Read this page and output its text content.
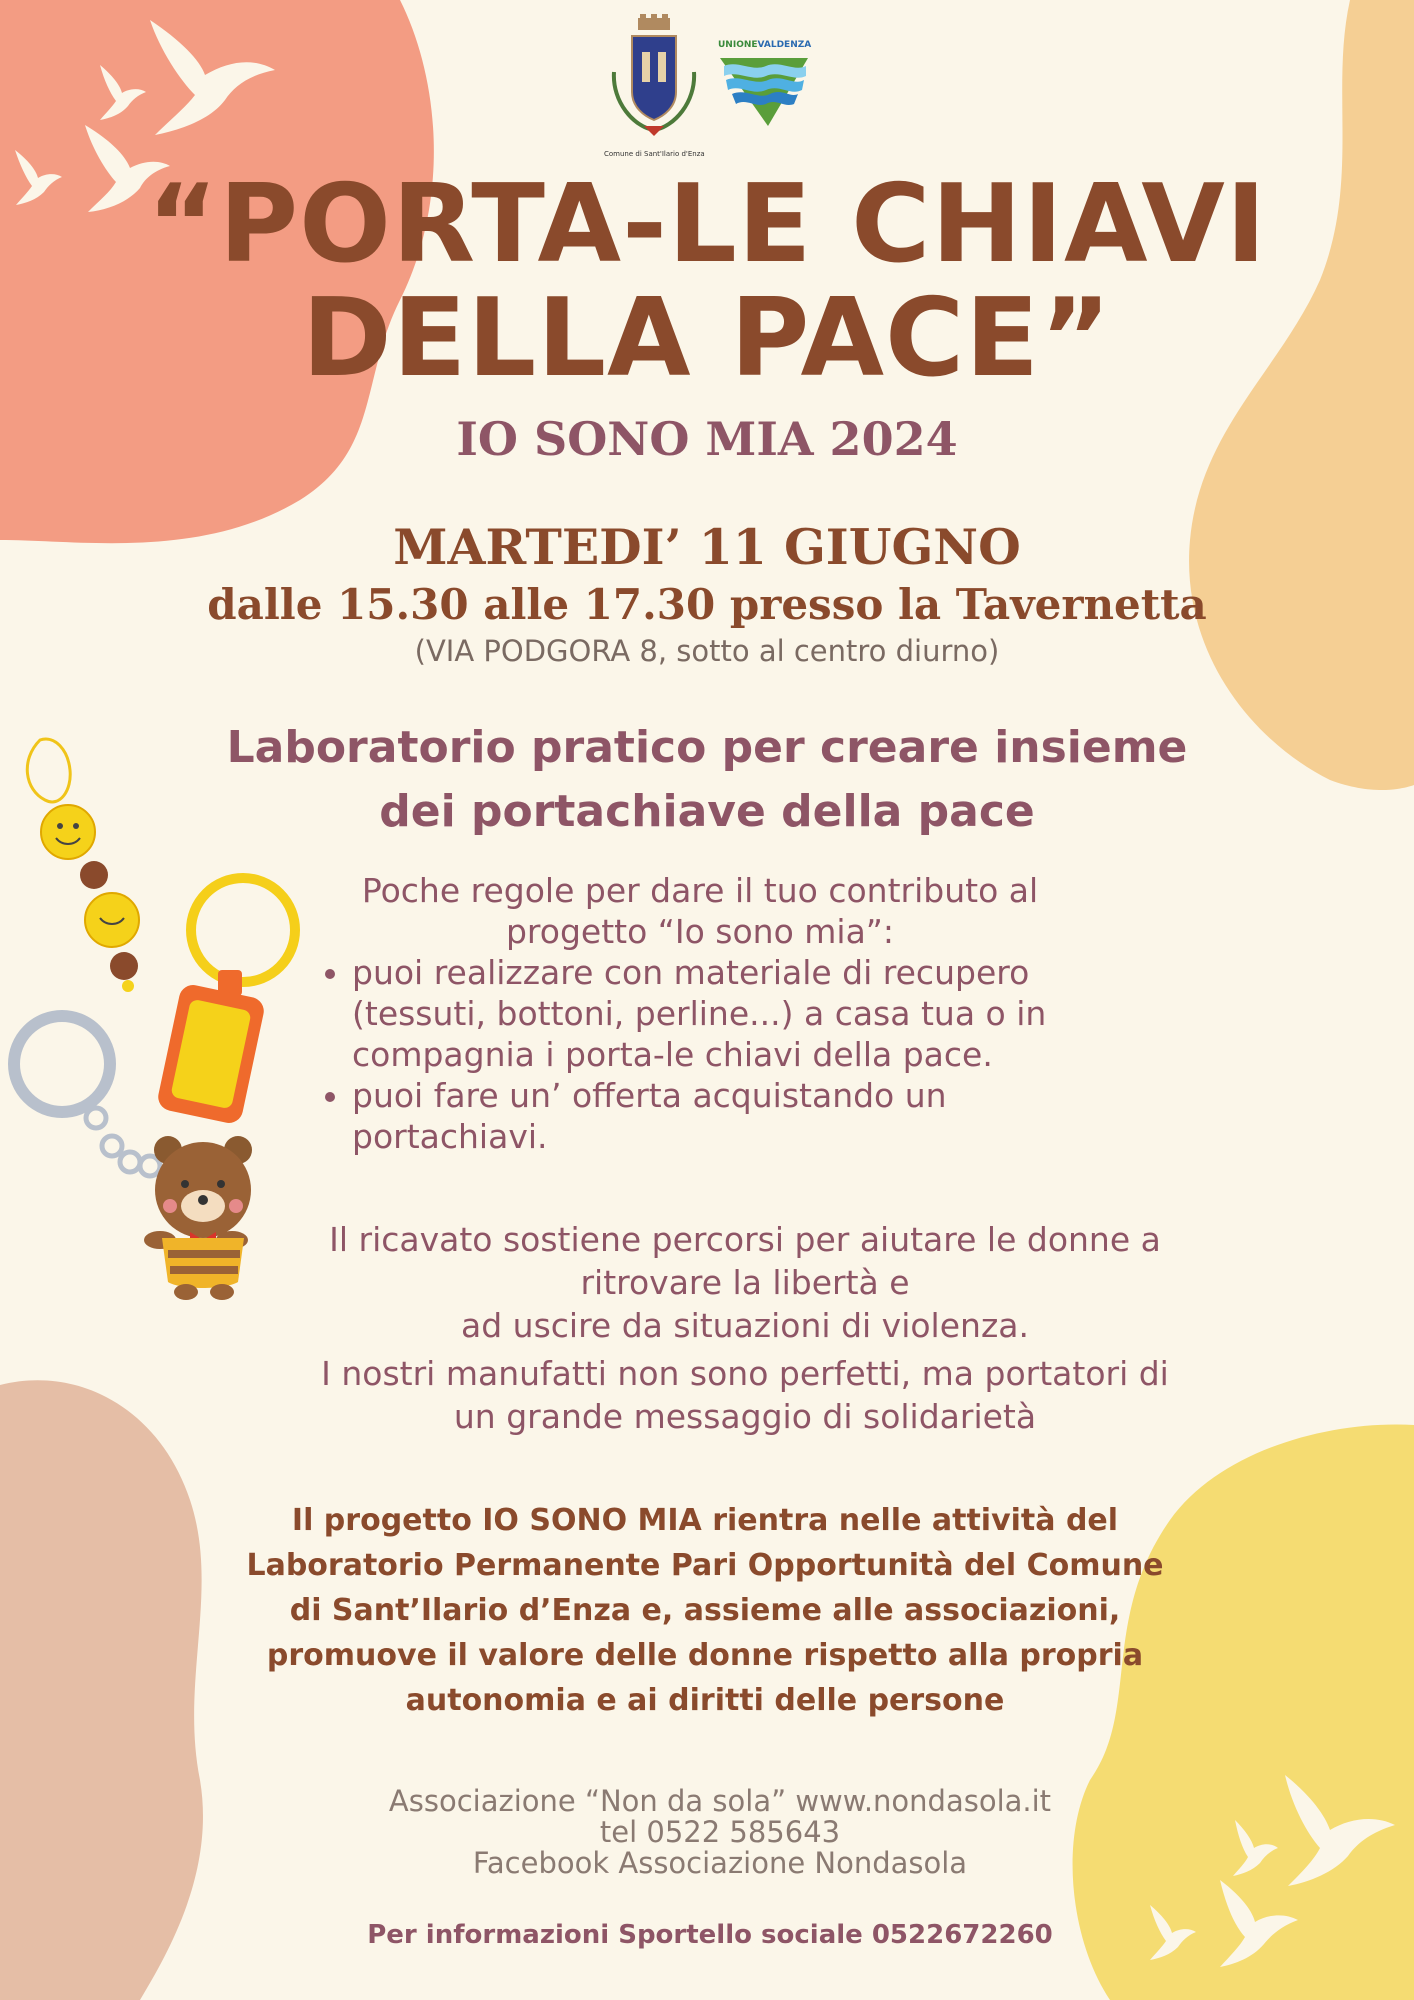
Comune di Sant'Ilario d'Enza
UNIONEVALDENZA
“PORTA-LE CHIAVI
DELLA PACE”
IO SONO MIA 2024
MARTEDI’ 11 GIUGNO
dalle 15.30 alle 17.30 presso la Tavernetta
(VIA PODGORA 8, sotto al centro diurno)
Laboratorio pratico per creare insieme
dei portachiave della pace
Poche regole per dare il tuo contributo al
progetto “Io sono mia”:
• puoi realizzare con materiale di recupero (tessuti, bottoni, perline...) a casa tua o in compagnia i porta-le chiavi della pace.
• puoi fare un’ offerta acquistando un portachiavi.
Il ricavato sostiene percorsi per aiutare le donne a
ritrovare la libertà e
ad uscire da situazioni di violenza.
I nostri manufatti non sono perfetti, ma portatori di
un grande messaggio di solidarietà
Il progetto IO SONO MIA rientra nelle attività del
Laboratorio Permanente Pari Opportunità del Comune
di Sant’Ilario d’Enza e, assieme alle associazioni,
promuove il valore delle donne rispetto alla propria
autonomia e ai diritti delle persone
Associazione “Non da sola” www.nondasola.it
tel 0522 585643
Facebook Associazione Nondasola
Per informazioni Sportello sociale 0522672260
